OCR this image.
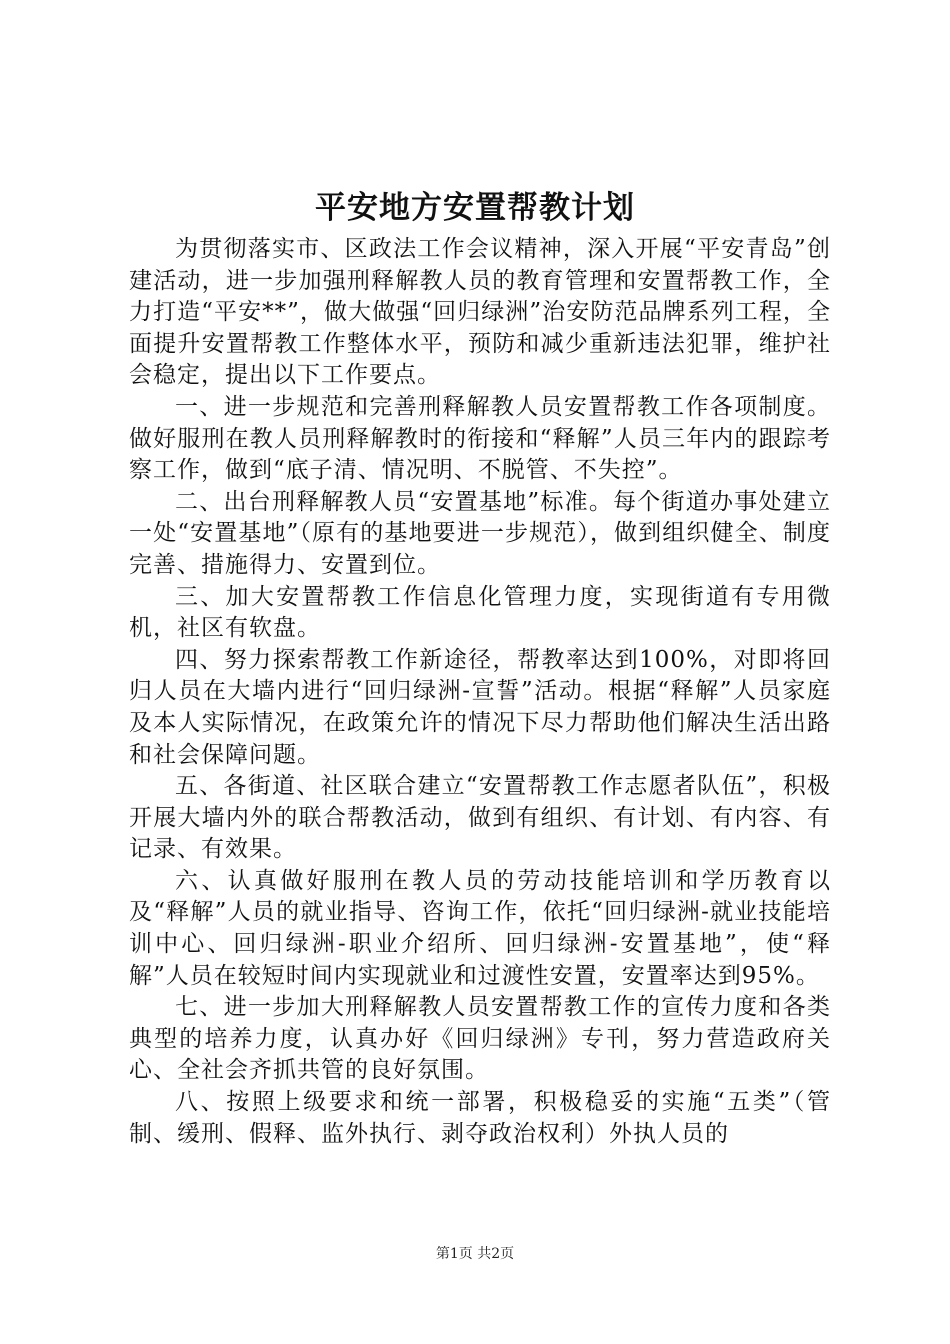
平安地方安置帮教计划

为贯彻落实市、区政法工作会议精神，深入开展“平安青岛”创建活动，进一步加强刑释解教人员的教育管理和安置帮教工作，全力打造“平安**”，做大做强“回归绿洲”治安防范品牌系列工程，全面提升安置帮教工作整体水平，预防和减少重新违法犯罪，维护社会稳定，提出以下工作要点。

一、进一步规范和完善刑释解教人员安置帮教工作各项制度。做好服刑在教人员刑释解教时的衔接和“释解”人员三年内的跟踪考察工作，做到“底子清、情况明、不脱管、不失控”。

二、出台刑释解教人员“安置基地”标准。每个街道办事处建立一处“安置基地”（原有的基地要进一步规范），做到组织健全、制度完善、措施得力、安置到位。

三、加大安置帮教工作信息化管理力度，实现街道有专用微机，社区有软盘。

四、努力探索帮教工作新途径，帮教率达到100%，对即将回归人员在大墙内进行“回归绿洲-宣誓”活动。根据“释解”人员家庭及本人实际情况，在政策允许的情况下尽力帮助他们解决生活出路和社会保障问题。

五、各街道、社区联合建立“安置帮教工作志愿者队伍”，积极开展大墙内外的联合帮教活动，做到有组织、有计划、有内容、有记录、有效果。

六、认真做好服刑在教人员的劳动技能培训和学历教育以及“释解”人员的就业指导、咨询工作，依托“回归绿洲-就业技能培训中心、回归绿洲-职业介绍所、回归绿洲-安置基地”，使“释解”人员在较短时间内实现就业和过渡性安置，安置率达到95%。

七、进一步加大刑释解教人员安置帮教工作的宣传力度和各类典型的培养力度，认真办好《回归绿洲》专刊，努力营造政府关心、全社会齐抓共管的良好氛围。

八、按照上级要求和统一部署，积极稳妥的实施“五类”（管制、缓刑、假释、监外执行、剥夺政治权利）外执人员的

第1页 共2页
